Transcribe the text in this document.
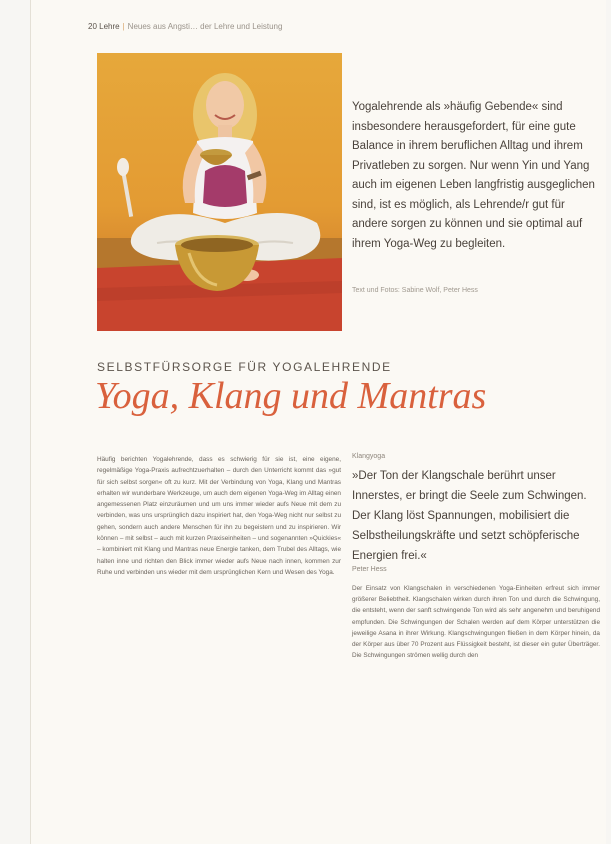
20 Lehre | Neues aus Angsti… der Lehre und Leistung
Yogalehrende als »häufig Gebende« sind insbesondere herausgefordert, für eine gute Balance in ihrem beruflichen Alltag und ihrem Privatleben zu sorgen. Nur wenn Yin und Yang auch im eigenen Leben langfristig ausgeglichen sind, ist es möglich, als Lehrende/r gut für andere sorgen zu können und sie optimal auf ihrem Yoga-Weg zu begleiten.
Text und Fotos: Sabine Wolf, Peter Hess
SELBSTFÜRSORGE FÜR YOGALEHRENDE
Yoga, Klang und Mantras
Häufig berichten Yogalehrende, dass es schwierig für sie ist, eine eigene, regelmäßige Yoga-Praxis aufrechtzuerhalten – durch den Unterricht kommt das »gut für sich selbst sorgen« oft zu kurz. Mit der Verbindung von Yoga, Klang und Mantras erhalten wir wunderbare Werkzeuge, um auch dem eigenen Yoga-Weg im Alltag einen angemessenen Platz einzuräumen und um uns immer wieder aufs Neue mit dem zu verbinden, was uns ursprünglich dazu inspiriert hat, den Yoga-Weg nicht nur selbst zu gehen, sondern auch andere Menschen für ihn zu begeistern und zu inspirieren. Wir können – mit selbst – auch mit kurzen Praxiseinheiten – und sogenannten »Quickies« – kombiniert mit Klang und Mantras neue Energie tanken, dem Trubel des Alltags, wie halten inne und richten den Blick immer wieder aufs Neue nach innen, kommen zur Ruhe und verbinden uns wieder mit dem ursprünglichen Kern und Wesen des Yoga.
Klangyoga
»Der Ton der Klangschale berührt unser Innerstes, er bringt die Seele zum Schwingen. Der Klang löst Spannungen, mobilisiert die Selbstheilungskräfte und setzt schöpferische Energien frei.«
Peter Hess
Der Einsatz von Klangschalen in verschiedenen Yoga-Einheiten erfreut sich immer größerer Beliebtheit. Klangschalen wirken durch ihren Ton und durch die Schwingung, die entsteht, wenn der sanft schwingende Ton wird als sehr angenehm und beruhigend empfunden. Die Schwingungen der Schalen werden auf dem Körper unterstützen die jeweilige Asana in ihrer Wirkung. Klangschwingungen fließen in dem Körper hinein, da der Körper aus über 70 Prozent aus Flüssigkeit besteht, ist dieser ein guter Überträger. Die Schwingungen strömen wellig durch den
